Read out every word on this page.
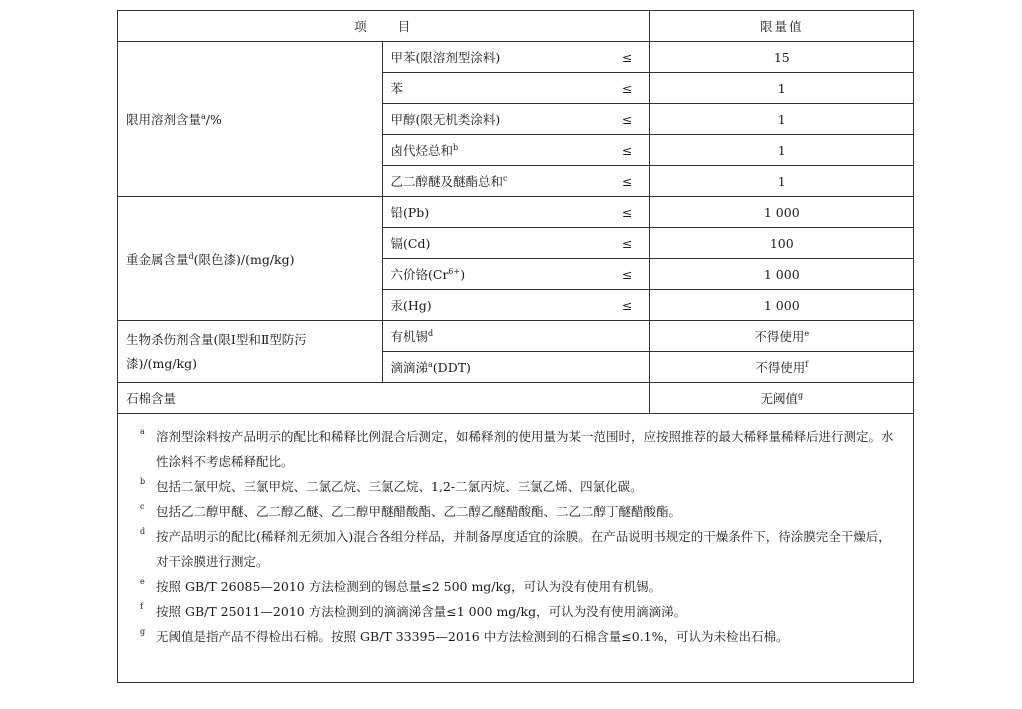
项　　目		限量值
限用溶剂含量$^a$/%	甲苯(限溶剂型涂料) ≤	15

	苯 ≤	1

	甲醇(限无机类涂料) ≤	1

	卤代烃总和$^b$ ≤	1

	乙二醇醚及醚酯总和$^c$ ≤	1
重金属含量$^d$(限色漆)/(mg/kg)	铅(Pb) ≤	1 000

	镉(Cd) ≤	100

	六价铬$(Cr^{6+})$ ≤	1 000

	汞(Hg) ≤	1 000
生物杀伤剂含量(限Ⅰ型和Ⅱ型防污漆)/(mg/kg)	有机锡$^d$	不得使用$^e$
	滴滴涕$^a$(DDT)	不得使用$^f$
石棉含量		无阈值$^g$
a 溶剂型涂料按产品明示的配比和稀释比例混合后测定，如稀释剂的使用量为某一范围时，应按照推荐的最大稀释量稀释后进行测定。水性涂料不考虑稀释配比。
b 包括二氯甲烷、三氯甲烷、二氯乙烷、三氯乙烷、1,2-二氯丙烷、三氯乙烯、四氯化碳。
c 包括乙二醇甲醚、乙二醇乙醚、乙二醇甲醚醋酸酯、乙二醇乙醚醋酸酯、二乙二醇丁醚醋酸酯。
d 按产品明示的配比(稀释剂无须加入)混合各组分样品，并制备厚度适宜的涂膜。在产品说明书规定的干燥条件下，待涂膜完全干燥后，对干涂膜进行测定。
e 按照 GB/T 26085—2010 方法检测到的锡总量≤2 500 mg/kg，可认为没有使用有机锡。
f 按照 GB/T 25011—2010 方法检测到的滴滴涕含量≤1 000 mg/kg，可认为没有使用滴滴涕。
g 无阈值是指产品不得检出石棉。按照 GB/T 33395—2016 中方法检测到的石棉含量≤0.1%，可认为未检出石棉。
